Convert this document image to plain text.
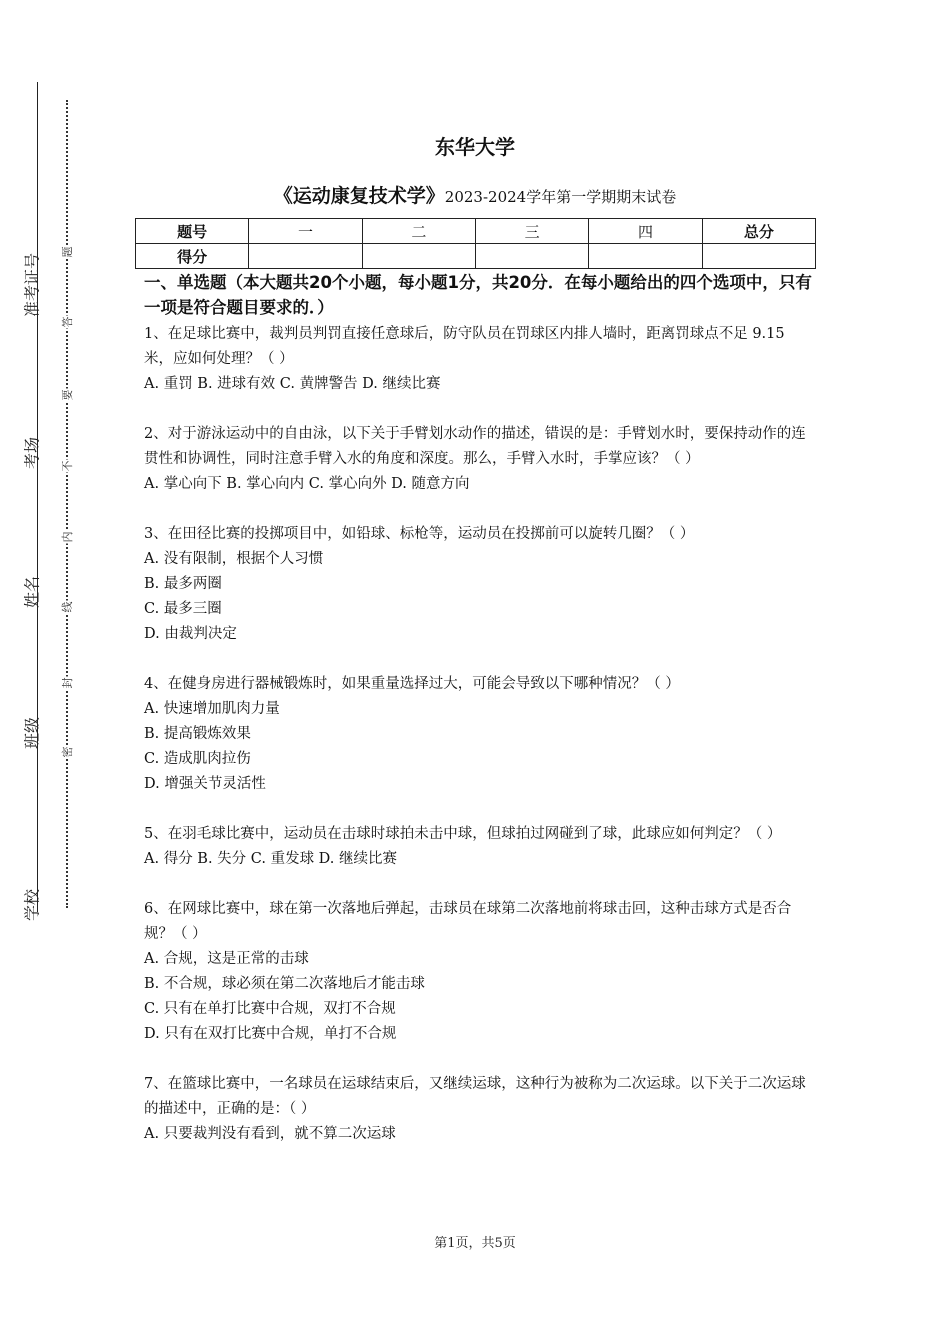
准考证号
考场
姓名
班级
学校
题
答
要
不
内
线
封
密
东华大学
《运动康复技术学》2023-2024学年第一学期期末试卷
题号	一	二	三	四	总分
得分					
一、单选题（本大题共20个小题，每小题1分，共20分．在每小题给出的四个选项中，只有一项是符合题目要求的．）
1、在足球比赛中，裁判员判罚直接任意球后，防守队员在罚球区内排人墙时，距离罚球点不足 9.15 米，应如何处理？（ ）
A. 重罚 B. 进球有效 C. 黄牌警告 D. 继续比赛
2、对于游泳运动中的自由泳，以下关于手臂划水动作的描述，错误的是：手臂划水时，要保持动作的连贯性和协调性，同时注意手臂入水的角度和深度。那么，手臂入水时，手掌应该？（ ）
A. 掌心向下 B. 掌心向内 C. 掌心向外 D. 随意方向
3、在田径比赛的投掷项目中，如铅球、标枪等，运动员在投掷前可以旋转几圈？（ ）
A. 没有限制，根据个人习惯
B. 最多两圈
C. 最多三圈
D. 由裁判决定
4、在健身房进行器械锻炼时，如果重量选择过大，可能会导致以下哪种情况？（ ）
A. 快速增加肌肉力量
B. 提高锻炼效果
C. 造成肌肉拉伤
D. 增强关节灵活性
5、在羽毛球比赛中，运动员在击球时球拍未击中球，但球拍过网碰到了球，此球应如何判定？（ ）
A. 得分 B. 失分 C. 重发球 D. 继续比赛
6、在网球比赛中，球在第一次落地后弹起，击球员在球第二次落地前将球击回，这种击球方式是否合规？（ ）
A. 合规，这是正常的击球
B. 不合规，球必须在第二次落地后才能击球
C. 只有在单打比赛中合规，双打不合规
D. 只有在双打比赛中合规，单打不合规
7、在篮球比赛中，一名球员在运球结束后，又继续运球，这种行为被称为二次运球。以下关于二次运球的描述中，正确的是：（ ）
A. 只要裁判没有看到，就不算二次运球
第1页，共5页
